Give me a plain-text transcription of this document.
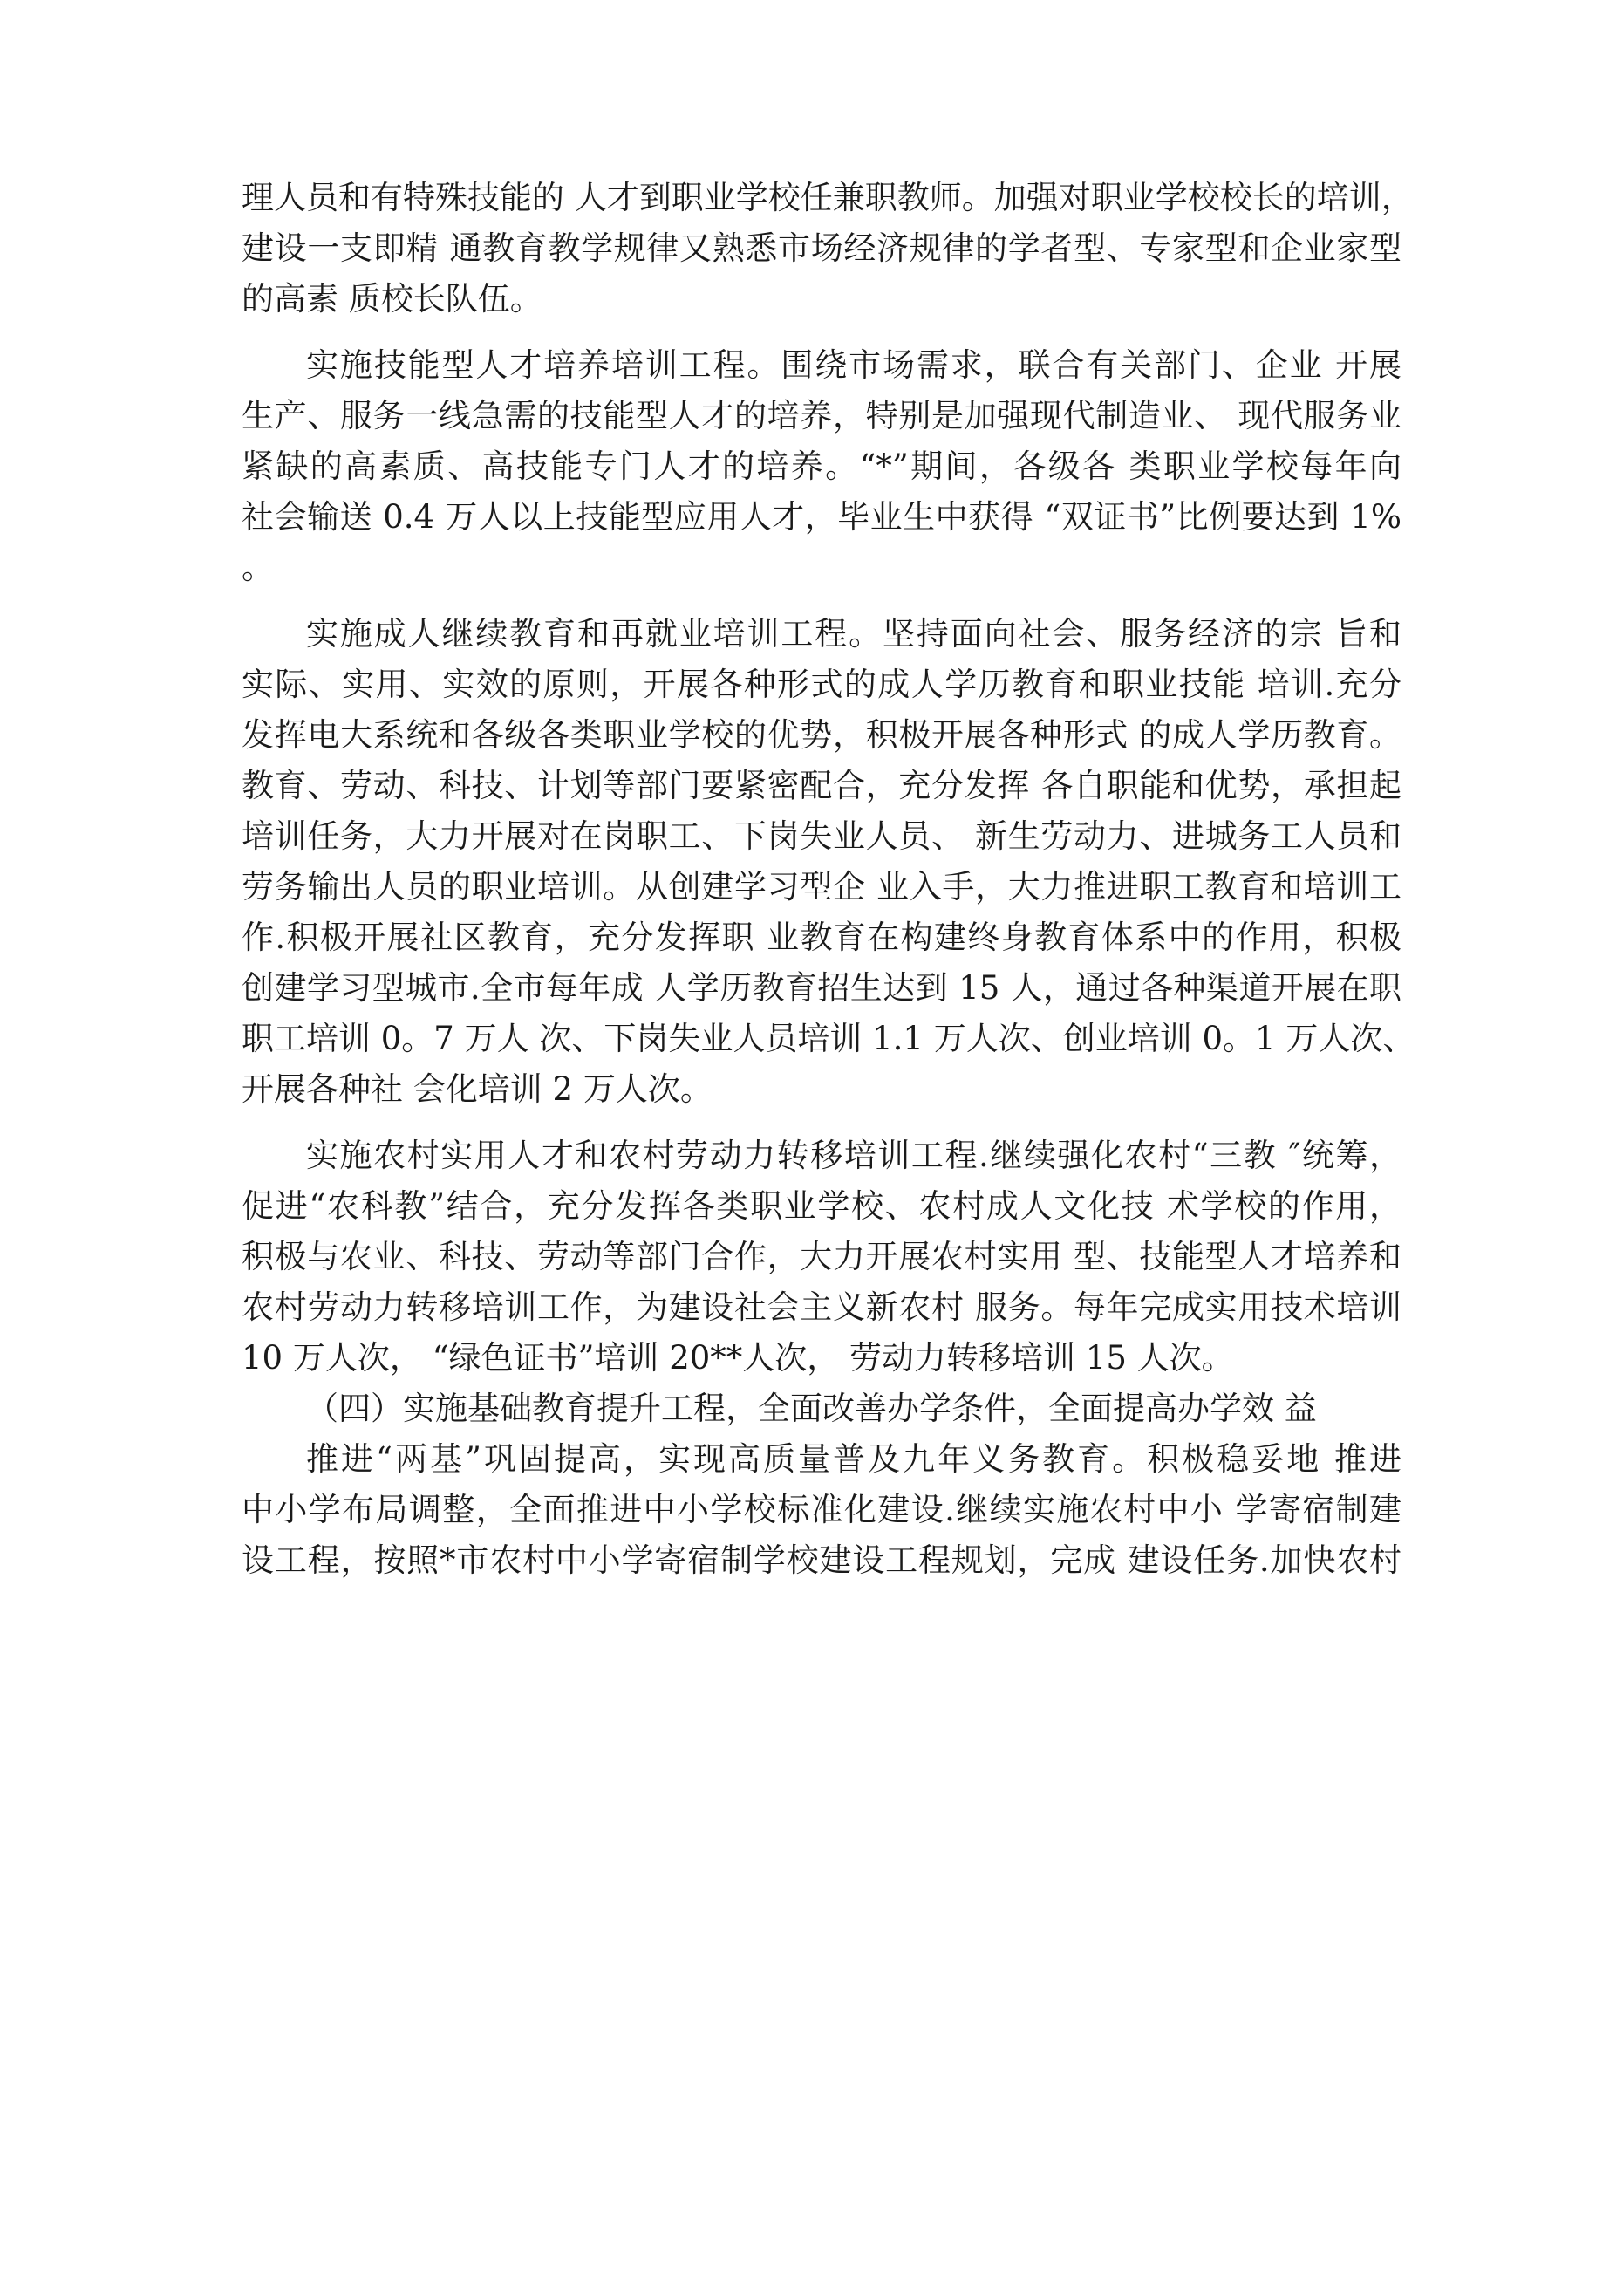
理人员和有特殊技能的 人才到职业学校任兼职教师。加强对职业学校校长的培训，
建设一支即精 通教育教学规律又熟悉市场经济规律的学者型、专家型和企业家型
的高素 质校长队伍。
实施技能型人才培养培训工程。围绕市场需求，联合有关部门、企业 开展
生产、服务一线急需的技能型人才的培养，特别是加强现代制造业、 现代服务业
紧缺的高素质、高技能专门人才的培养。“*”期间，各级各 类职业学校每年向
社会输送 0.4 万人以上技能型应用人才，毕业生中获得 “双证书”比例要达到 1%
。
实施成人继续教育和再就业培训工程。坚持面向社会、服务经济的宗 旨和
实际、实用、实效的原则，开展各种形式的成人学历教育和职业技能 培训.充分
发挥电大系统和各级各类职业学校的优势，积极开展各种形式 的成人学历教育。
教育、劳动、科技、计划等部门要紧密配合，充分发挥 各自职能和优势，承担起
培训任务，大力开展对在岗职工、下岗失业人员、 新生劳动力、进城务工人员和
劳务输出人员的职业培训。从创建学习型企 业入手，大力推进职工教育和培训工
作.积极开展社区教育，充分发挥职 业教育在构建终身教育体系中的作用，积极
创建学习型城市.全市每年成 人学历教育招生达到 15 人，通过各种渠道开展在职
职工培训 0。7 万人 次、下岗失业人员培训 1.1 万人次、创业培训 0。1 万人次、
开展各种社 会化培训 2 万人次。
实施农村实用人才和农村劳动力转移培训工程.继续强化农村“三教 ″统筹，
促进“农科教”结合，充分发挥各类职业学校、农村成人文化技 术学校的作用，
积极与农业、科技、劳动等部门合作，大力开展农村实用 型、技能型人才培养和
农村劳动力转移培训工作，为建设社会主义新农村 服务。每年完成实用技术培训
10 万人次， “绿色证书”培训 20**人次， 劳动力转移培训 15 人次。
（四）实施基础教育提升工程，全面改善办学条件，全面提高办学效 益
推进“两基”巩固提高，实现高质量普及九年义务教育。积极稳妥地 推进
中小学布局调整，全面推进中小学校标准化建设.继续实施农村中小 学寄宿制建
设工程，按照*市农村中小学寄宿制学校建设工程规划，完成 建设任务.加快农村
